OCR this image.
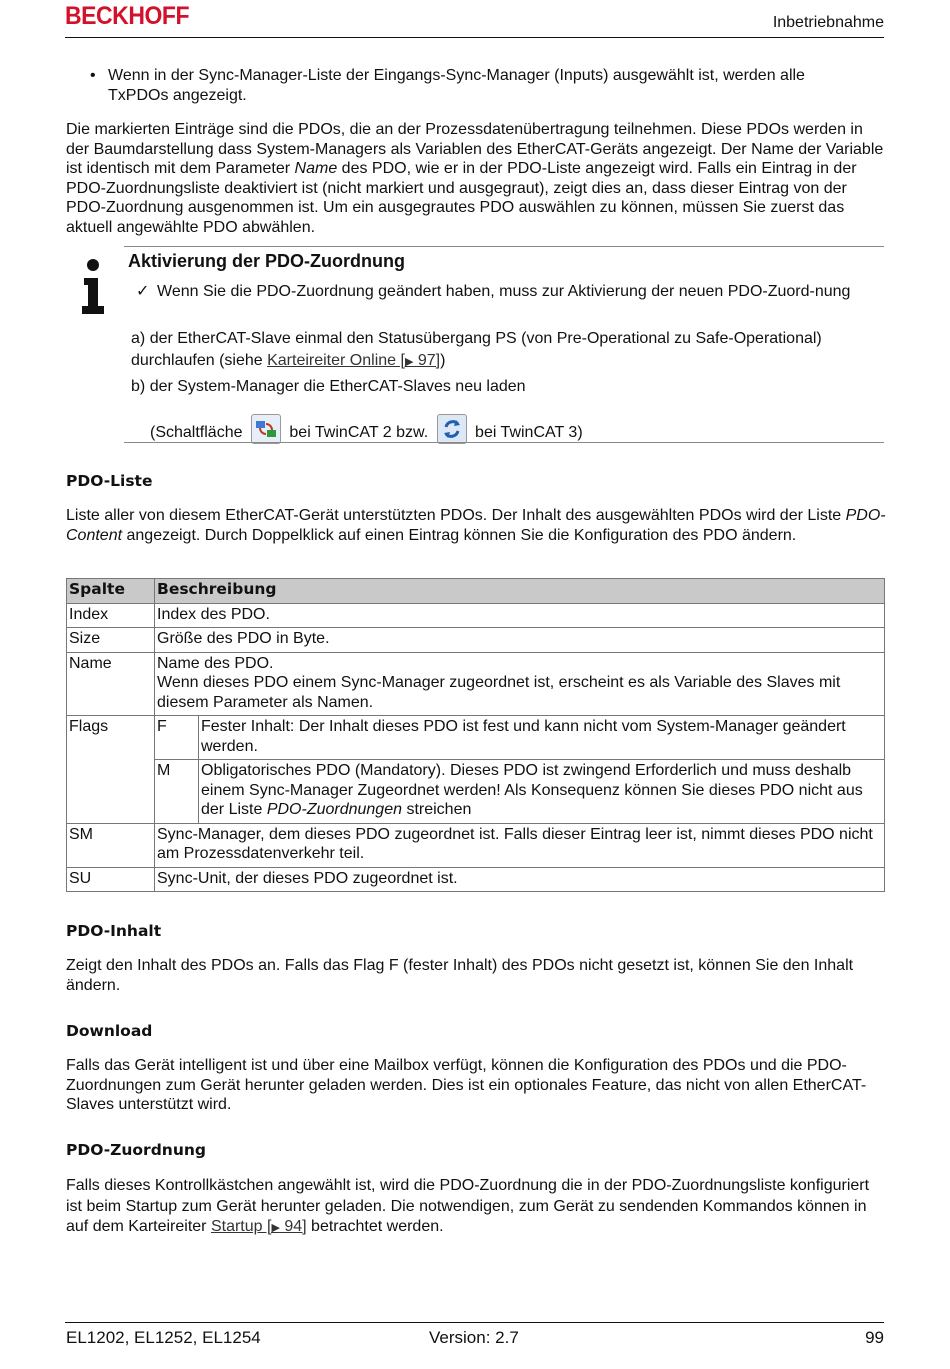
BECKHOFF	Inbetriebnahme
• Wenn in der Sync-Manager-Liste der Eingangs-Sync-Manager (Inputs) ausgewählt ist, werden alle TxPDOs angezeigt.

Die markierten Einträge sind die PDOs, die an der Prozessdatenübertragung teilnehmen. Diese PDOs werden in der Baumdarstellung dass System-Managers als Variablen des EtherCAT-Geräts angezeigt. Der Name der Variable ist identisch mit dem Parameter Name des PDO, wie er in der PDO-Liste angezeigt wird. Falls ein Eintrag in der PDO-Zuordnungsliste deaktiviert ist (nicht markiert und ausgegraut), zeigt dies an, dass dieser Eintrag von der PDO-Zuordnung ausgenommen ist. Um ein ausgegrautes PDO auswählen zu können, müssen Sie zuerst das aktuell angewählte PDO abwählen.

Aktivierung der PDO-Zuordnung
✓ Wenn Sie die PDO-Zuordnung geändert haben, muss zur Aktivierung der neuen PDO-Zuord-nung
a) der EtherCAT-Slave einmal den Statusübergang PS (von Pre-Operational zu Safe-Operational) durchlaufen (siehe Karteireiter Online [▶ 97])
b) der System-Manager die EtherCAT-Slaves neu laden
(Schaltfläche	bei TwinCAT 2 bzw.	bei TwinCAT 3)
PDO-Liste

Liste aller von diesem EtherCAT-Gerät unterstützten PDOs. Der Inhalt des ausgewählten PDOs wird der Liste PDO-Content angezeigt. Durch Doppelklick auf einen Eintrag können Sie die Konfiguration des PDO ändern.

Spalte	Beschreibung	
Index	Index des PDO.	
Size	Größe des PDO in Byte.	
Name	Name des PDO.
Wenn dieses PDO einem Sync-Manager zugeordnet ist, erscheint es als Variable des Slaves mit diesem Parameter als Namen.	

Flags	F	Fester Inhalt: Der Inhalt dieses PDO ist fest und kann nicht vom System-Manager geändert werden.
	M	Obligatorisches PDO (Mandatory). Dieses PDO ist zwingend Erforderlich und muss deshalb einem Sync-Manager Zugeordnet werden! Als Konsequenz können Sie dieses PDO nicht aus der Liste PDO-Zuordnungen streichen
SM	Sync-Manager, dem dieses PDO zugeordnet ist. Falls dieser Eintrag leer ist, nimmt dieses PDO nicht am Prozessdatenverkehr teil.	
SU	Sync-Unit, der dieses PDO zugeordnet ist.	
PDO-Inhalt

Zeigt den Inhalt des PDOs an. Falls das Flag F (fester Inhalt) des PDOs nicht gesetzt ist, können Sie den Inhalt ändern.

Download

Falls das Gerät intelligent ist und über eine Mailbox verfügt, können die Konfiguration des PDOs und die PDO-Zuordnungen zum Gerät herunter geladen werden. Dies ist ein optionales Feature, das nicht von allen EtherCAT-Slaves unterstützt wird.

PDO-Zuordnung

Falls dieses Kontrollkästchen angewählt ist, wird die PDO-Zuordnung die in der PDO-Zuordnungsliste konfiguriert ist beim Startup zum Gerät herunter geladen. Die notwendigen, zum Gerät zu sendenden Kommandos können in auf dem Karteireiter Startup [▶ 94] betrachtet werden.

EL1202, EL1252, EL1254	Version: 2.7	99
